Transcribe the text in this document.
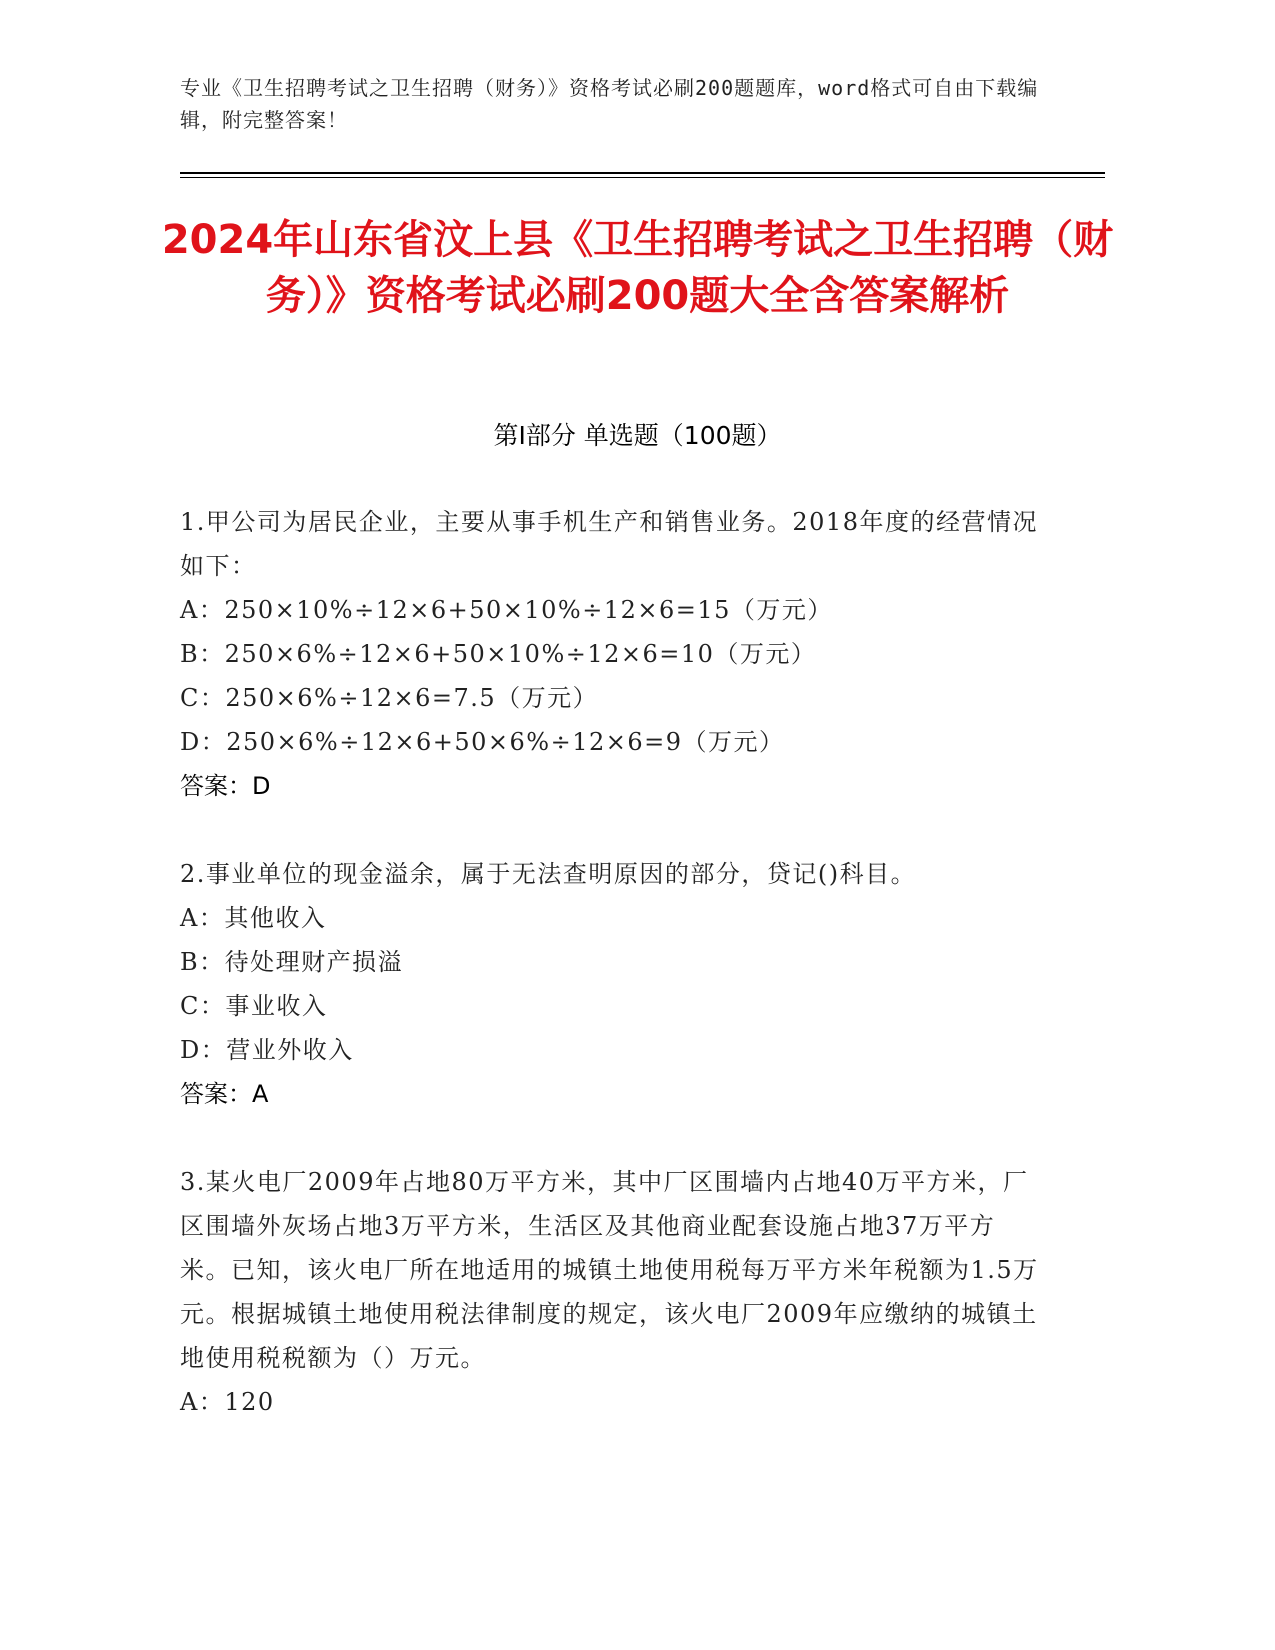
专业《卫生招聘考试之卫生招聘（财务）》资格考试必刷200题题库，word格式可自由下载编辑，附完整答案！
2024年山东省汶上县《卫生招聘考试之卫生招聘（财务）》资格考试必刷200题大全含答案解析
第Ⅰ部分 单选题（100题）

1.甲公司为居民企业，主要从事手机生产和销售业务。2018年度的经营情况如下：

A：250×10%÷12×6+50×10%÷12×6=15（万元）

B：250×6%÷12×6+50×10%÷12×6=10（万元）

C：250×6%÷12×6=7.5（万元）

D：250×6%÷12×6+50×6%÷12×6=9（万元）

答案：D

2.事业单位的现金溢余，属于无法查明原因的部分，贷记()科目。

A：其他收入

B：待处理财产损溢

C：事业收入

D：营业外收入

答案：A

3.某火电厂2009年占地80万平方米，其中厂区围墙内占地40万平方米，厂区围墙外灰场占地3万平方米，生活区及其他商业配套设施占地37万平方米。已知，该火电厂所在地适用的城镇土地使用税每万平方米年税额为1.5万元。根据城镇土地使用税法律制度的规定，该火电厂2009年应缴纳的城镇土地使用税税额为（）万元。

A：120
